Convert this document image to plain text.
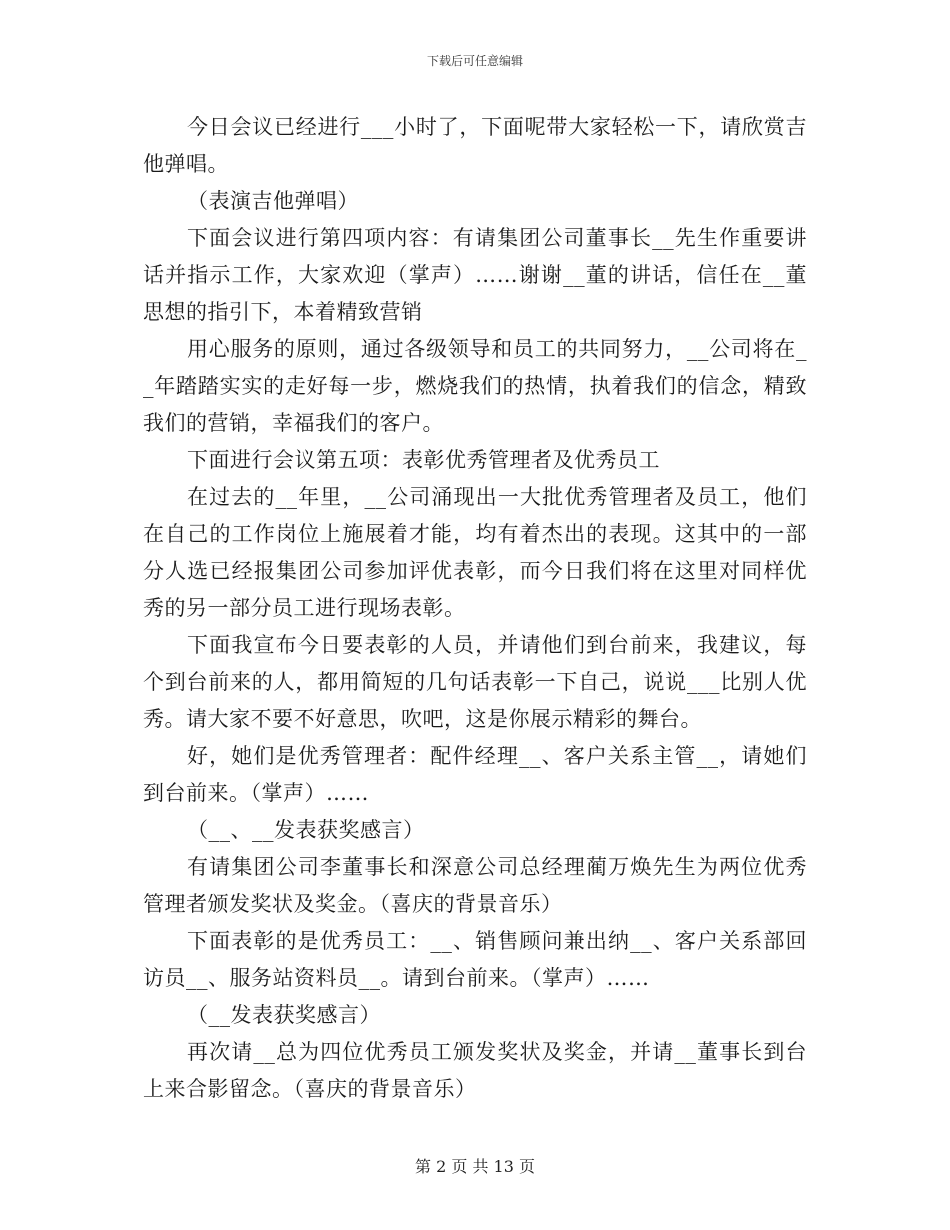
下载后可任意编辑

今日会议已经进行___小时了，下面呢带大家轻松一下，请欣赏吉他弹唱。

（表演吉他弹唱）

下面会议进行第四项内容：有请集团公司董事长__先生作重要讲话并指示工作，大家欢迎（掌声）……谢谢__董的讲话，信任在__董思想的指引下，本着精致营销

用心服务的原则，通过各级领导和员工的共同努力，__公司将在__年踏踏实实的走好每一步，燃烧我们的热情，执着我们的信念，精致我们的营销，幸福我们的客户。

下面进行会议第五项：表彰优秀管理者及优秀员工

在过去的__年里，__公司涌现出一大批优秀管理者及员工，他们在自己的工作岗位上施展着才能，均有着杰出的表现。这其中的一部分人选已经报集团公司参加评优表彰，而今日我们将在这里对同样优秀的另一部分员工进行现场表彰。

下面我宣布今日要表彰的人员，并请他们到台前来，我建议，每个到台前来的人，都用简短的几句话表彰一下自己，说说___比别人优秀。请大家不要不好意思，吹吧，这是你展示精彩的舞台。

好，她们是优秀管理者：配件经理__、客户关系主管__，请她们到台前来。（掌声）……

（__、__发表获奖感言）

有请集团公司李董事长和深意公司总经理蔺万焕先生为两位优秀管理者颁发奖状及奖金。（喜庆的背景音乐）

下面表彰的是优秀员工：__、销售顾问兼出纳__、客户关系部回访员__、服务站资料员__。请到台前来。（掌声）……

（__发表获奖感言）

再次请__总为四位优秀员工颁发奖状及奖金，并请__董事长到台上来合影留念。（喜庆的背景音乐）

第 2 页 共 13 页
